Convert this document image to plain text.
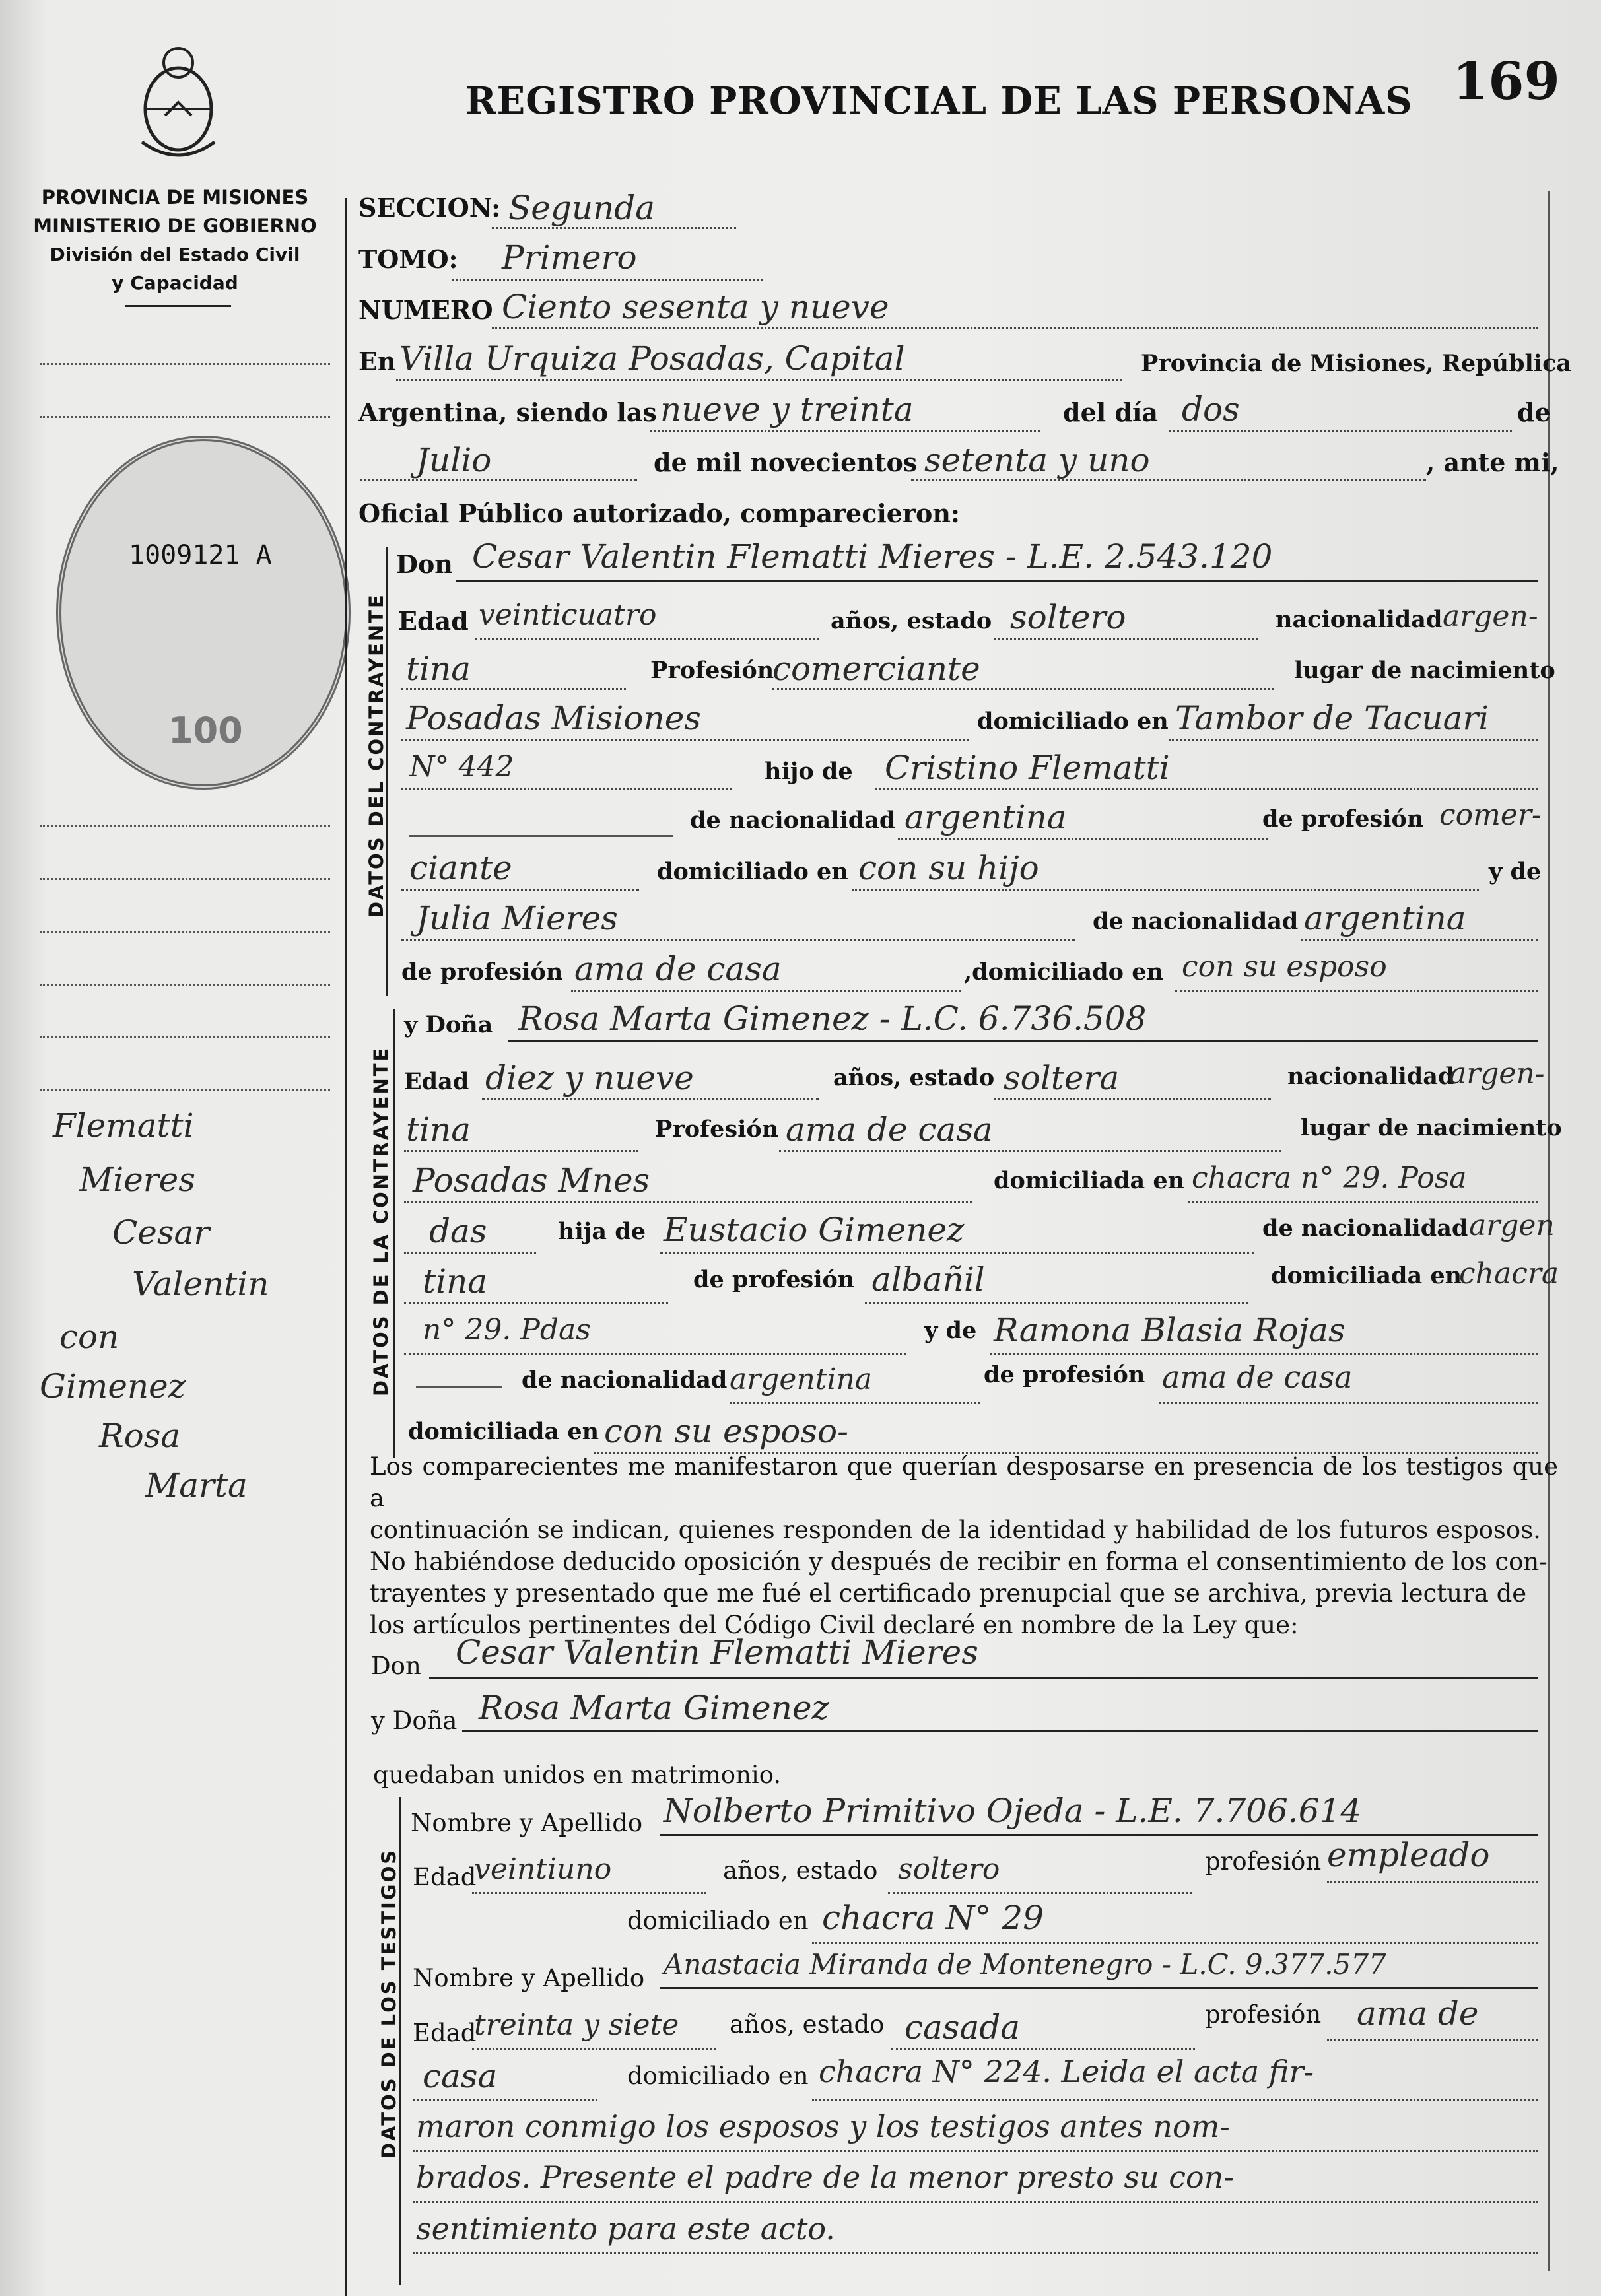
REGISTRO PROVINCIAL DE LAS PERSONAS 169
PROVINCIA DE MISIONES
MINISTERIO DE GOBIERNO
División del Estado Civil
y Capacidad
1009121 A
100
Flematti
Mieres
Cesar
Valentin
con
Gimenez
Rosa
Marta
SECCION: Segunda
TOMO: Primero
NUMERO Ciento sesenta y nueve
En Villa Urquiza Posadas, Capital	Provincia de Misiones, República
Argentina, siendo las nueve y treinta	del día dos	de
Julio	de mil novecientos setenta y uno	, ante mi,
Oficial Público autorizado, comparecieron:
DATOS DEL CONTRAYENTE
Don Cesar Valentin Flematti Mieres - L.E. 2.543.120
Edad veinticuatro	años, estado soltero	nacionalidad argen-
tina	Profesión
comerciante	lugar de nacimiento
Posadas Misiones	domiciliado en Tambor de Tacuari
N° 442	hijo de Cristino Flematti
de nacionalidad argentina	de profesión comer-
ciante	domiciliado en con su hijo	y de
Julia Mieres	de nacionalidad argentina
de profesión ama de casa	,domiciliado en con su esposo
DATOS DE LA CONTRAYENTE
y Doña Rosa Marta Gimenez - L.C. 6.736.508
Edad diez y nueve	años, estado soltera	nacionalidad
argen-
tina	Profesión ama de casa	lugar de nacimiento
Posadas Mnes	domiciliada en chacra n° 29. Posa
das	hija de Eustacio Gimenez	de nacionalidad argen
tina	de profesión albañil	domiciliada en
chacra
n° 29. Pdas	y de Ramona Blasia Rojas
de nacionalidad argentina	de profesión ama de casa
domiciliada en con su esposo-
Los comparecientes me manifestaron que querían desposarse en presencia de los testigos que a
continuación se indican, quienes responden de la identidad y habilidad de los futuros esposos.
No habiéndose deducido oposición y después de recibir en forma el consentimiento de los con-
trayentes y presentado que me fué el certificado prenupcial que se archiva, previa lectura de
los artículos pertinentes del Código Civil declaré en nombre de la Ley que:
Don Cesar Valentin Flematti Mieres
y Doña Rosa Marta Gimenez
quedaban unidos en matrimonio.
DATOS DE LOS TESTIGOS
Nombre y Apellido Nolberto Primitivo Ojeda - L.E. 7.706.614
Edad
veintiuno	años, estado soltero	profesión empleado
domiciliado en chacra N° 29
Nombre y Apellido Anastacia Miranda de Montenegro - L.C. 9.377.577
Edad
treinta y siete años, estado casada	profesión ama de
casa	domiciliado en chacra N° 224. Leida el acta fir-
maron conmigo los esposos y los testigos antes nom-
brados. Presente el padre de la menor presto su con-
sentimiento para este acto.
